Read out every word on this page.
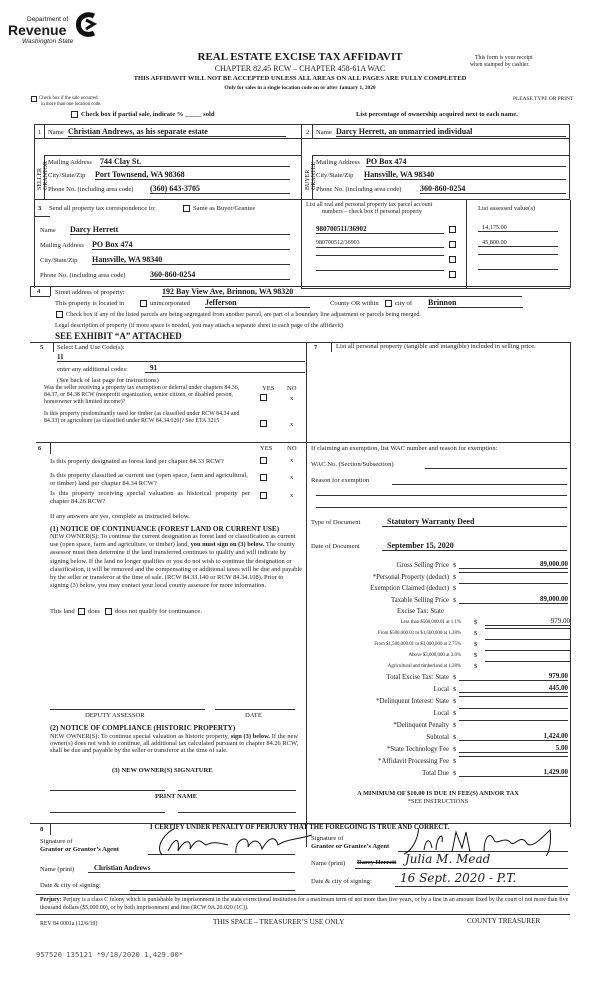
Department of
Revenue
Washington State
REAL ESTATE EXCISE TAX AFFIDAVIT
CHAPTER 82.45 RCW – CHAPTER 458-61A WAC
THIS AFFIDAVIT WILL NOT BE ACCEPTED UNLESS ALL AREAS ON ALL PAGES ARE FULLY COMPLETED
Only for sales in a single location code on or after January 1, 2020
This form is your receipt
when stamped by cashier.
Check box if the sale occurred
in more than one location code.
PLEASE TYPE OR PRINT
Check box if partial sale, indicate % _____ sold	List percentage of ownership acquired next to each name.
SELLER GRANTOR	BUYER GRANTEE
1 Name Christian Andrews, as his separate estate
Mailing Address 744 Clay St.
City/State/Zip Port Townsend, WA 98368
Phone No. (including area code) (360) 643-3705
2 Name Darcy Herrett, an unmarried individual
Mailing Address PO Box 474
City/State/Zip Hansville, WA 98340
Phone No. (including area code) 360-860-0254
3 Send all property tax correspondence to:	Same as Buyer/Grantee
Name Darcy Herrett
Mailing Address PO Box 474
City/State/Zip Hansville, WA 98340
Phone No. (including area code)	360-860-0254
List all real and personal property tax parcel account
numbers – check box if personal property	List assessed value(s)
980700511/36902	14,175.00
980700512/36903	45,800.00
4 Street address of property:	192 Bay View Ave, Brinnon, WA 98320
This property is located in	unincorporated Jefferson	County OR within city of Brinnon
Check box if any of the listed parcels are being segregated from another parcel, are part of a boundary line adjustment or parcels being merged.
Legal description of property (if more space is needed, you may attach a separate sheet to each page of the affidavit)
SEE EXHIBIT “A” ATTACHED
5 Select Land Use Code(s):
11
enter any additional codes:	91
(See back of last page for instructions)
YES NO
Was the seller receiving a property tax exemption or deferral under chapters 84.36, 84.37, or 84.38 RCW (nonprofit organization, senior citizen, or disabled person, homeowner with limited income)?	x
Is this property predominantly used for timber (as classified under RCW 84.34 and 84.33) or agriculture (as classified under RCW 84.34.020)? See ETA 3215
x
7	List all personal property (tangible and intangible) included in selling price.
6	YES NO
Is this property designated as forest land per chapter 84.33 RCW?	x
Is this property classified as current use (open space, farm and agricultural, or timber) land per chapter 84.34 RCW?
x
Is this property receiving special valuation as historical property per chapter 84.26 RCW?
x
If any answers are yes, complete as instructed below.
(1) NOTICE OF CONTINUANCE (FOREST LAND OR CURRENT USE)
NEW OWNER(S): To continue the current designation as forest land or classification as current use (open space, farm and agriculture, or timber) land, you must sign on (3) below. The county assessor must then determine if the land transferred continues to qualify and will indicate by signing below. If the land no longer qualifies or you do not wish to continue the designation or classification, it will be removed and the compensating or additional taxes will be due and payable by the seller or transferor at the time of sale. (RCW 84.33.140 or RCW 84.34.108). Prior to signing (3) below, you may contact your local county assessor for more information.
This land does does not qualify for continuance.
DEPUTY ASSESSOR	DATE
(2) NOTICE OF COMPLIANCE (HISTORIC PROPERTY)
NEW OWNER(S): To continue special valuation as historic property, sign (3) below. If the new owner(s) does not wish to continue, all additional tax calculated pursuant to chapter 84.26 RCW, shall be due and payable by the seller or transferor at the time of sale.
(3) NEW OWNER(S) SIGNATURE
PRINT NAME
If claiming an exemption, list WAC number and reason for exemption:
WAC No. (Section/Subsection)
Reason for exemption
Type of Document	Statutory Warranty Deed
Date of Document	September 15, 2020
Gross Selling Price $	89,000.00
*Personal Property (deduct) $
Exemption Claimed (deduct) $
Taxable Selling Price $	89,000.00
Excise Tax: State
Less than $500,000.01 at 1.1% $	979.00
From $500,000.01 to $1,500,000 at 1.28% $
From $1,500,000.01 to $3,000,000 at 2.75% $
Above $3,000,000 at 3.0% $
Agricultural and timberland at 1.28% $
Total Excise Tax: State $	979.00
Local $	445.00
*Delinquent Interest: State $
Local $
*Delinquent Penalty $
Subtotal $	1,424.00
*State Technology Fee $	5.00
*Affidavit Processing Fee $
Total Due $	1,429.00
A MINIMUM OF $10.00 IS DUE IN FEE(S) AND/OR TAX
*SEE INSTRUCTIONS
8	I CERTIFY UNDER PENALTY OF PERJURY THAT THE FOREGOING IS TRUE AND CORRECT.
Signature of
Grantor or Grantor’s Agent
Name (print)	Christian Andrews
Date & city of signing:
Signature of
Grantee or Grantee’s Agent
Name (print) Darcy Herrett Julia M. Mead
Date & city of signing: 16 Sept. 2020 - P.T.
Perjury: Perjury is a class C felony which is punishable by imprisonment in the state correctional institution for a maximum term of not more than five years, or by a fine in an amount fixed by the court of not more than five thousand dollars ($5,000.00), or by both imprisonment and fine (RCW 9A.20.020 (1C)).
REV 84 0001a (12/6/19)	THIS SPACE – TREASURER’S USE ONLY	COUNTY TREASURER
957520 135121 *9/18/2020 1,429.00*
